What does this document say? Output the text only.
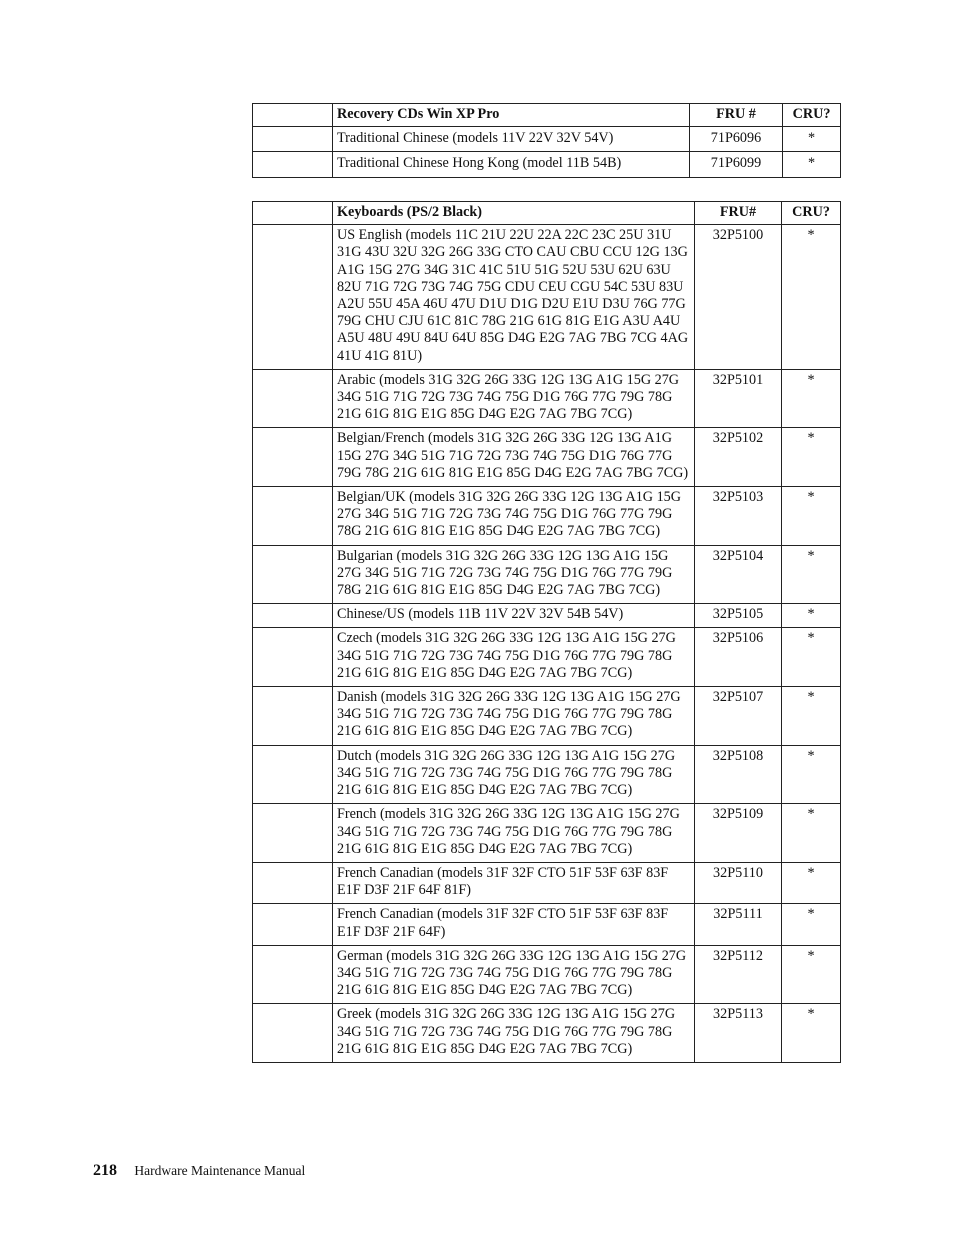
	Recovery CDs Win XP Pro	FRU #	CRU?
	Traditional Chinese (models 11V 22V 32V 54V)	71P6096	*
	Traditional Chinese Hong Kong (model 11B 54B)	71P6099	*
	Keyboards (PS/2 Black)	FRU#	CRU?
	US English (models 11C 21U 22U 22A 22C 23C 25U 31U 31G 43U 32U 32G 26G 33G CTO CAU CBU CCU 12G 13G A1G 15G 27G 34G 31C 41C 51U 51G 52U 53U 62U 63U 82U 71G 72G 73G 74G 75G CDU CEU CGU 54C 53U 83U A2U 55U 45A 46U 47U D1U D1G D2U E1U D3U 76G 77G 79G CHU CJU 61C 81C 78G 21G 61G 81G E1G A3U A4U A5U 48U 49U 84U 64U 85G D4G E2G 7AG 7BG 7CG 4AG 41U 41G 81U)	32P5100	*
	Arabic (models 31G 32G 26G 33G 12G 13G A1G 15G 27G 34G 51G 71G 72G 73G 74G 75G D1G 76G 77G 79G 78G 21G 61G 81G E1G 85G D4G E2G 7AG 7BG 7CG)	32P5101	*
	Belgian/French (models 31G 32G 26G 33G 12G 13G A1G 15G 27G 34G 51G 71G 72G 73G 74G 75G D1G 76G 77G 79G 78G 21G 61G 81G E1G 85G D4G E2G 7AG 7BG 7CG)	32P5102	*
	Belgian/UK (models 31G 32G 26G 33G 12G 13G A1G 15G 27G 34G 51G 71G 72G 73G 74G 75G D1G 76G 77G 79G 78G 21G 61G 81G E1G 85G D4G E2G 7AG 7BG 7CG)	32P5103	*
	Bulgarian (models 31G 32G 26G 33G 12G 13G A1G 15G 27G 34G 51G 71G 72G 73G 74G 75G D1G 76G 77G 79G 78G 21G 61G 81G E1G 85G D4G E2G 7AG 7BG 7CG)	32P5104	*
	Chinese/US (models 11B 11V 22V 32V 54B 54V)	32P5105	*
	Czech (models 31G 32G 26G 33G 12G 13G A1G 15G 27G 34G 51G 71G 72G 73G 74G 75G D1G 76G 77G 79G 78G 21G 61G 81G E1G 85G D4G E2G 7AG 7BG 7CG)	32P5106	*
	Danish (models 31G 32G 26G 33G 12G 13G A1G 15G 27G 34G 51G 71G 72G 73G 74G 75G D1G 76G 77G 79G 78G 21G 61G 81G E1G 85G D4G E2G 7AG 7BG 7CG)	32P5107	*
	Dutch (models 31G 32G 26G 33G 12G 13G A1G 15G 27G 34G 51G 71G 72G 73G 74G 75G D1G 76G 77G 79G 78G 21G 61G 81G E1G 85G D4G E2G 7AG 7BG 7CG)	32P5108	*
	French (models 31G 32G 26G 33G 12G 13G A1G 15G 27G 34G 51G 71G 72G 73G 74G 75G D1G 76G 77G 79G 78G 21G 61G 81G E1G 85G D4G E2G 7AG 7BG 7CG)	32P5109	*
	French Canadian (models 31F 32F CTO 51F 53F 63F 83F E1F D3F 21F 64F 81F)	32P5110	*
	French Canadian (models 31F 32F CTO 51F 53F 63F 83F E1F D3F 21F 64F)	32P5111	*
	German (models 31G 32G 26G 33G 12G 13G A1G 15G 27G 34G 51G 71G 72G 73G 74G 75G D1G 76G 77G 79G 78G 21G 61G 81G E1G 85G D4G E2G 7AG 7BG 7CG)	32P5112	*
	Greek (models 31G 32G 26G 33G 12G 13G A1G 15G 27G 34G 51G 71G 72G 73G 74G 75G D1G 76G 77G 79G 78G 21G 61G 81G E1G 85G D4G E2G 7AG 7BG 7CG)	32P5113	*
218 Hardware Maintenance Manual
